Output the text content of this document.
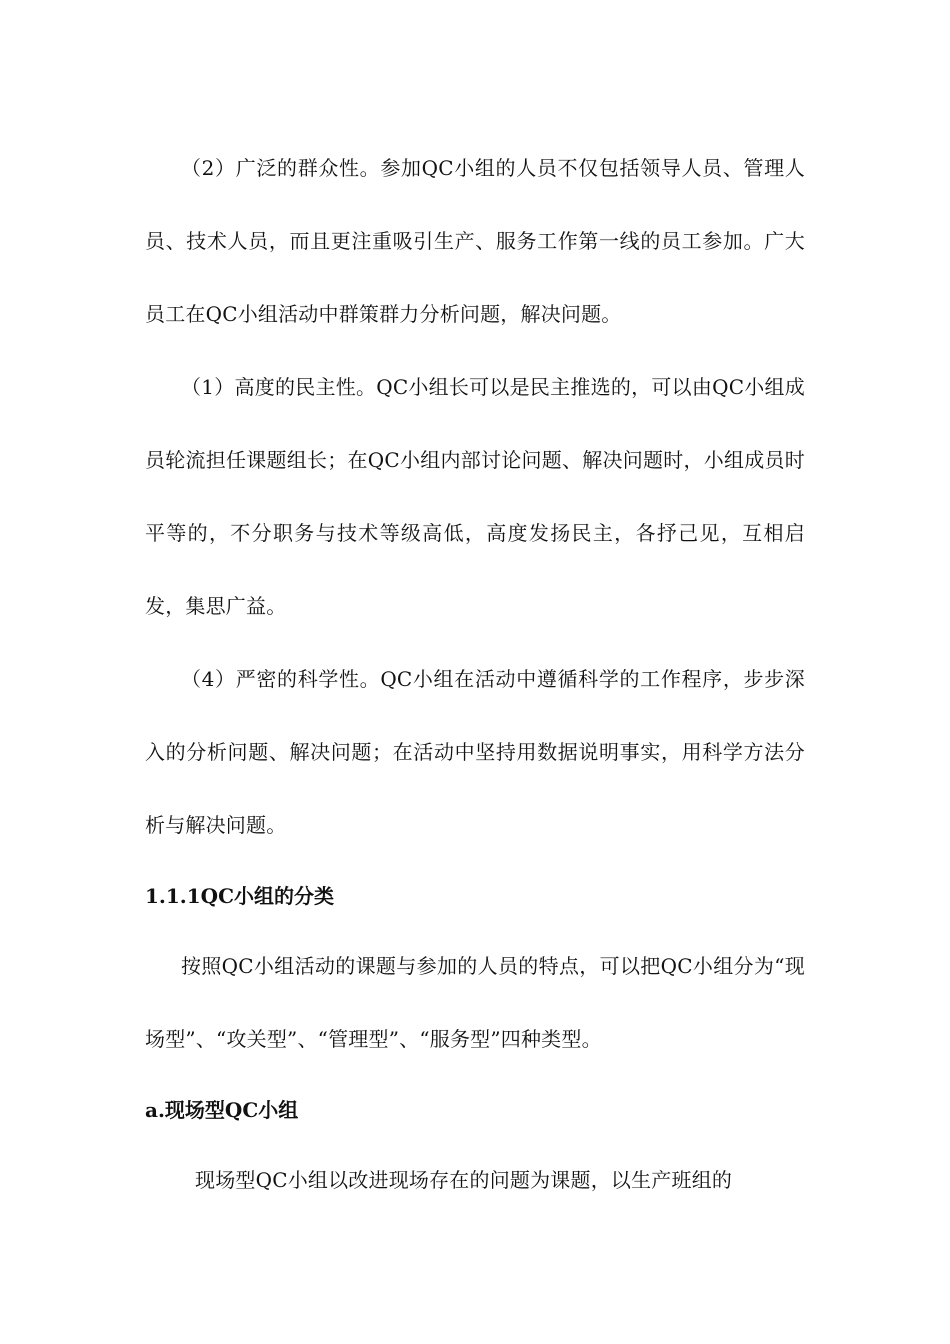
（2）广泛的群众性。参加QC小组的人员不仅包括领导人员、管理人员、技术人员，而且更注重吸引生产、服务工作第一线的员工参加。广大员工在QC小组活动中群策群力分析问题，解决问题。

（1）高度的民主性。QC小组长可以是民主推选的，可以由QC小组成员轮流担任课题组长；在QC小组内部讨论问题、解决问题时，小组成员时平等的，不分职务与技术等级高低，高度发扬民主，各抒己见，互相启发，集思广益。

（4）严密的科学性。QC小组在活动中遵循科学的工作程序，步步深入的分析问题、解决问题；在活动中坚持用数据说明事实，用科学方法分析与解决问题。

1.1.1QC小组的分类

按照QC小组活动的课题与参加的人员的特点，可以把QC小组分为“现场型”、“攻关型”、“管理型”、“服务型”四种类型。

a.现场型QC小组

现场型QC小组以改进现场存在的问题为课题，以生产班组的
